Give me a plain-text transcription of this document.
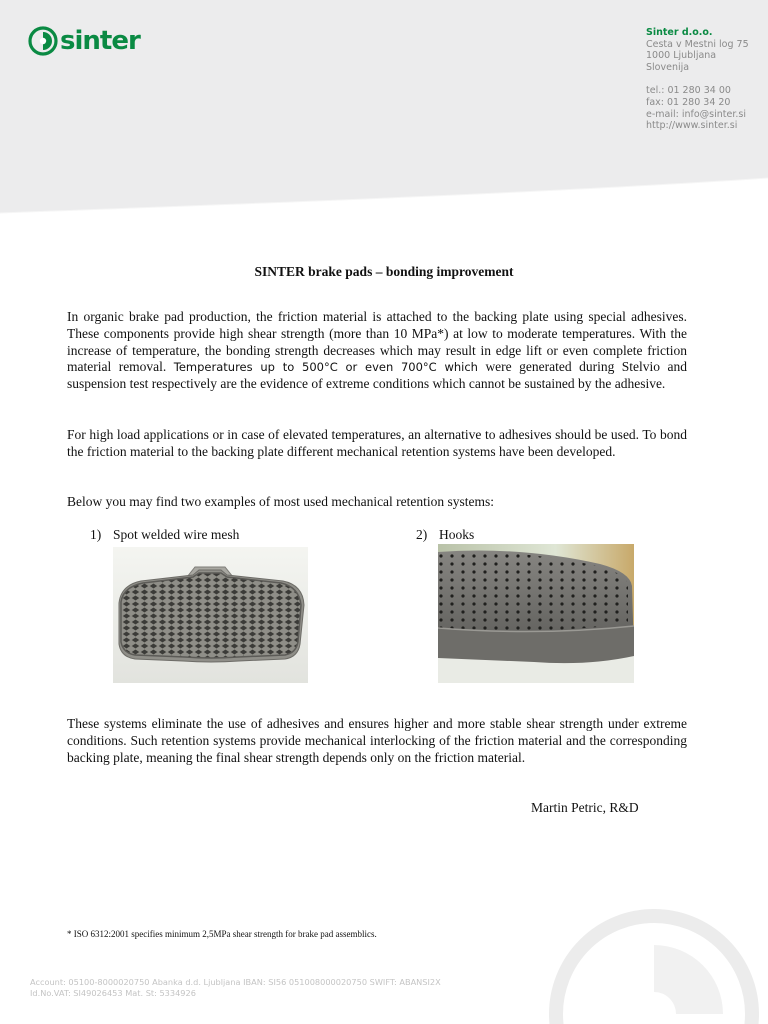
sinter	Sinter d.o.o.
Cesta v Mestni log 75
1000 Ljubljana
Slovenija
tel.: 01 280 34 00
fax: 01 280 34 20
e-mail: info@sinter.si
http://www.sinter.si
SINTER brake pads – bonding improvement
In organic brake pad production, the friction material is attached to the backing plate using special adhesives. These components provide high shear strength (more than 10 MPa*) at low to moderate temperatures. With the increase of temperature, the bonding strength decreases which may result in edge lift or even complete friction material removal. Temperatures up to 500°C or even 700°C which were generated during Stelvio and suspension test respectively are the evidence of extreme conditions which cannot be sustained by the adhesive.
For high load applications or in case of elevated temperatures, an alternative to adhesives should be used. To bond the friction material to the backing plate different mechanical retention systems have been developed.
Below you may find two examples of most used mechanical retention systems:
1) Spot welded wire mesh	2) Hooks
These systems eliminate the use of adhesives and ensures higher and more stable shear strength under extreme conditions. Such retention systems provide mechanical interlocking of the friction material and the corresponding backing plate, meaning the final shear strength depends only on the friction material.
Martin Petric, R&D
* ISO 6312:2001 specifies minimum 2,5MPa shear strength for brake pad assemblics.
Account: 05100-8000020750 Abanka d.d. Ljubljana IBAN: SI56 051008000020750 SWIFT: ABANSI2X
Id.No.VAT: SI49026453 Mat. St: 5334926
